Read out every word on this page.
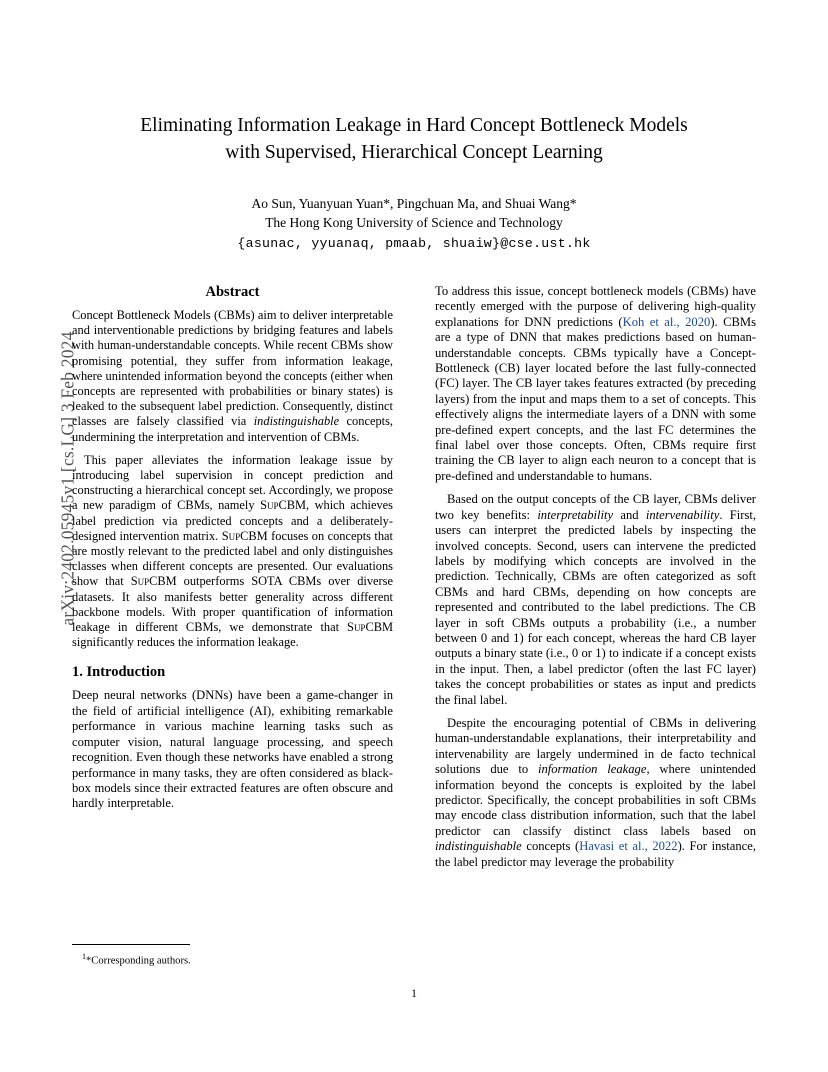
arXiv:2402.05945v1 [cs.LG] 3 Feb 2024
Eliminating Information Leakage in Hard Concept Bottleneck Models
with Supervised, Hierarchical Concept Learning
Ao Sun, Yuanyuan Yuan*, Pingchuan Ma, and Shuai Wang*
The Hong Kong University of Science and Technology
{asunac, yyuanaq, pmaab, shuaiw}@cse.ust.hk
Abstract

Concept Bottleneck Models (CBMs) aim to deliver interpretable and interventionable predictions by bridging features and labels with human-understandable concepts. While recent CBMs show promising potential, they suffer from information leakage, where unintended information beyond the concepts (either when concepts are represented with probabilities or binary states) is leaked to the subsequent label prediction. Consequently, distinct classes are falsely classified via indistinguishable concepts, undermining the interpretation and intervention of CBMs.

This paper alleviates the information leakage issue by introducing label supervision in concept prediction and constructing a hierarchical concept set. Accordingly, we propose a new paradigm of CBMs, namely SupCBM, which achieves label prediction via predicted concepts and a deliberately-designed intervention matrix. SupCBM focuses on concepts that are mostly relevant to the predicted label and only distinguishes classes when different concepts are presented. Our evaluations show that SupCBM outperforms SOTA CBMs over diverse datasets. It also manifests better generality across different backbone models. With proper quantification of information leakage in different CBMs, we demonstrate that SupCBM significantly reduces the information leakage.

1. Introduction

Deep neural networks (DNNs) have been a game-changer in the field of artificial intelligence (AI), exhibiting remarkable performance in various machine learning tasks such as computer vision, natural language processing, and speech recognition. Even though these networks have enabled a strong performance in many tasks, they are often considered as black-box models since their extracted features are often obscure and hardly interpretable.

To address this issue, concept bottleneck models (CBMs) have recently emerged with the purpose of delivering high-quality explanations for DNN predictions (Koh et al., 2020). CBMs are a type of DNN that makes predictions based on human-understandable concepts. CBMs typically have a Concept-Bottleneck (CB) layer located before the last fully-connected (FC) layer. The CB layer takes features extracted (by preceding layers) from the input and maps them to a set of concepts. This effectively aligns the intermediate layers of a DNN with some pre-defined expert concepts, and the last FC determines the final label over those concepts. Often, CBMs require first training the CB layer to align each neuron to a concept that is pre-defined and understandable to humans.

Based on the output concepts of the CB layer, CBMs deliver two key benefits: interpretability and intervenability. First, users can interpret the predicted labels by inspecting the involved concepts. Second, users can intervene the predicted labels by modifying which concepts are involved in the prediction. Technically, CBMs are often categorized as soft CBMs and hard CBMs, depending on how concepts are represented and contributed to the label predictions. The CB layer in soft CBMs outputs a probability (i.e., a number between 0 and 1) for each concept, whereas the hard CB layer outputs a binary state (i.e., 0 or 1) to indicate if a concept exists in the input. Then, a label predictor (often the last FC layer) takes the concept probabilities or states as input and predicts the final label.

Despite the encouraging potential of CBMs in delivering human-understandable explanations, their interpretability and intervenability are largely undermined in de facto technical solutions due to information leakage, where unintended information beyond the concepts is exploited by the label predictor. Specifically, the concept probabilities in soft CBMs may encode class distribution information, such that the label predictor can classify distinct class labels based on indistinguishable concepts (Havasi et al., 2022). For instance, the label predictor may leverage the probability

$^1$*Corresponding authors.
1
